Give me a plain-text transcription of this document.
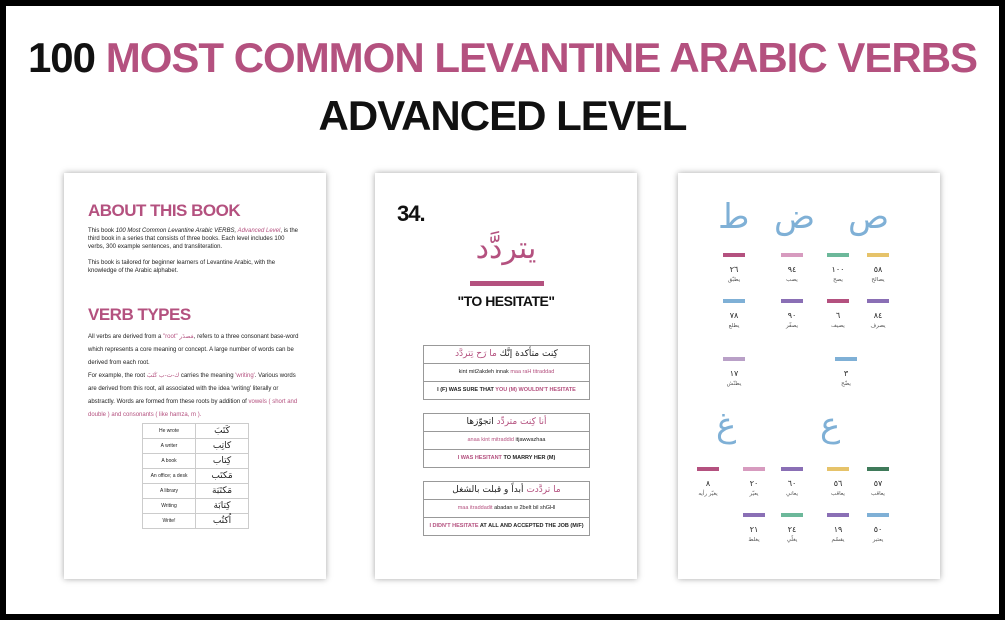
100 MOST COMMON LEVANTINE ARABIC VERBS
ADVANCED LEVEL
ABOUT THIS BOOK
This book 100 Most Common Levantine Arabic VERBS, Advanced Level, is the third book in a series that consists of three books. Each level includes 100 verbs, 300 example sentences, and transliteration.
This book is tailored for beginner learners of Levantine Arabic, with the knowledge of the Arabic alphabet.
VERB TYPES
All verbs are derived from a "root" مَصدَر, refers to a three consonant base-word which represents a core meaning or concept. A large number of words can be derived from each root.
For example, the root ك-ت-ب كَتَبَ carries the meaning 'writing'. Various words are derived from this root, all associated with the idea 'writing' literally or abstractly. Words are formed from these roots by addition of vowels ( short and double ) and consonants ( like hamza, m ).
He wrote	كَتَبَ
A writer	كاتِب
A book	كِتاب
An office; a desk	مَكتَب
A library	مَكتَبَة
Writing	كِتابَة
Write!	اُكتُب
34.
يتردَّد
"TO HESITATE"
كِنت متأكدة إنَّك ما رَح تِتردَّد
kint mit2akdeh innak maa raH titraddad
I (F) WAS SURE THAT YOU (M) WOULDN'T HESITATE
أنا كِنت متردِّد اتجوّزها
anaa kint mitraddid itjawwazhaa
I WAS HESITANT TO MARRY HER (M)
ما تردَّدت أبداً و قبلت بالشغل
maa itraddadit abadan w 2belt bil shGHl
I DIDN'T HESITATE AT ALL AND ACCEPTED THE JOB (M/F)
ص
ض
ط
ع
غ
٥٨
يصالح
١٠٠
يصح
٩٤
يصب
٢٦
يطبّق
٨٤
يصرف
٦
يصيف
٩٠
يصفّر
٧٨
يطلع
٣
يضّح
١٧
يطنّش
٥٧
يعاقب
٥٦
يعاقب
٦٠
يعاني
٢٠
يعيّر
٨
يغيّر رأيه
٥٠
يعتبر
١٩
يقسّم
٢٤
يغلّي
٢١
يغلط
